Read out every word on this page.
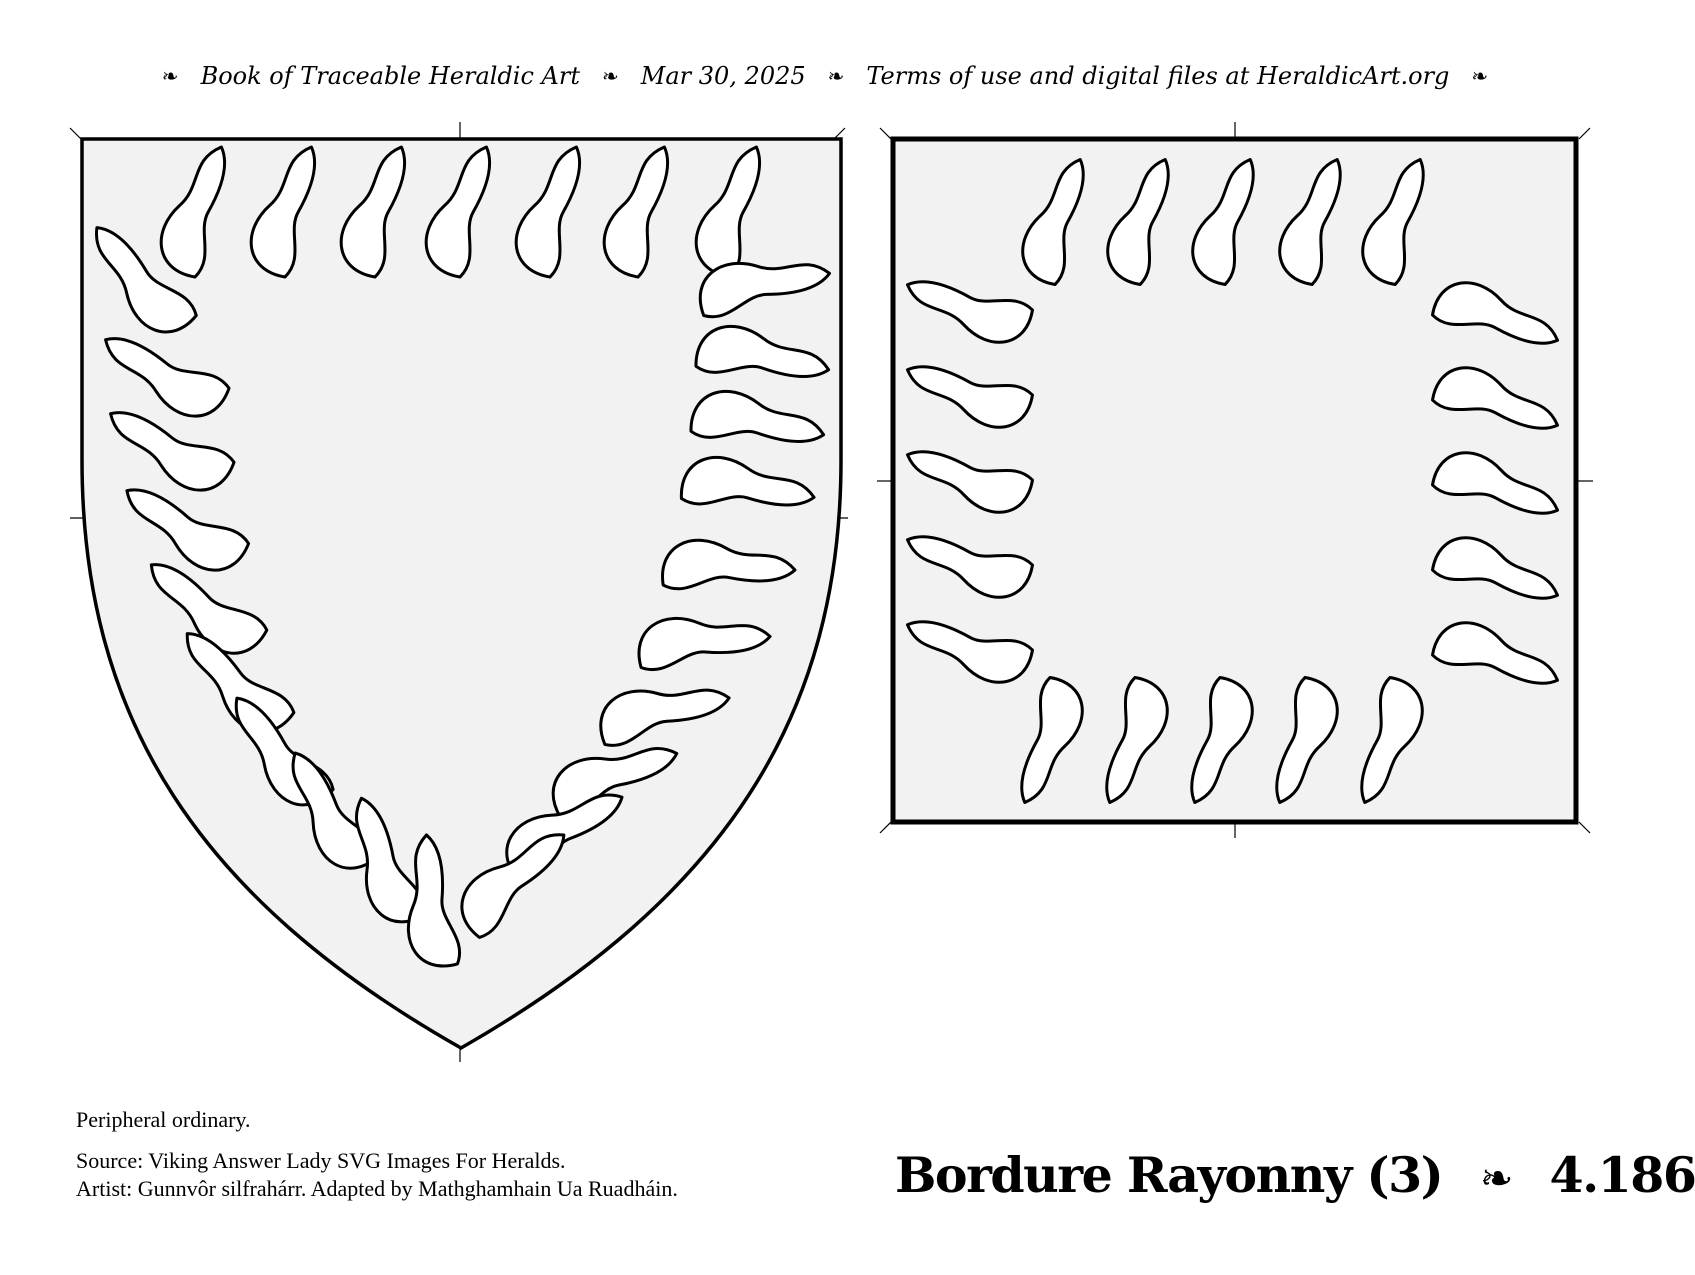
❧ Book of Traceable Heraldic Art ❧ Mar 30, 2025 ❧ Terms of use and digital files at HeraldicArt.org ❧
Peripheral ordinary.
Source: Viking Answer Lady SVG Images For Heralds.
Artist: Gunnvôr silfrahárr. Adapted by Mathghamhain Ua Ruadháin.	Bordure Rayonny (3) ❧ 4.186
